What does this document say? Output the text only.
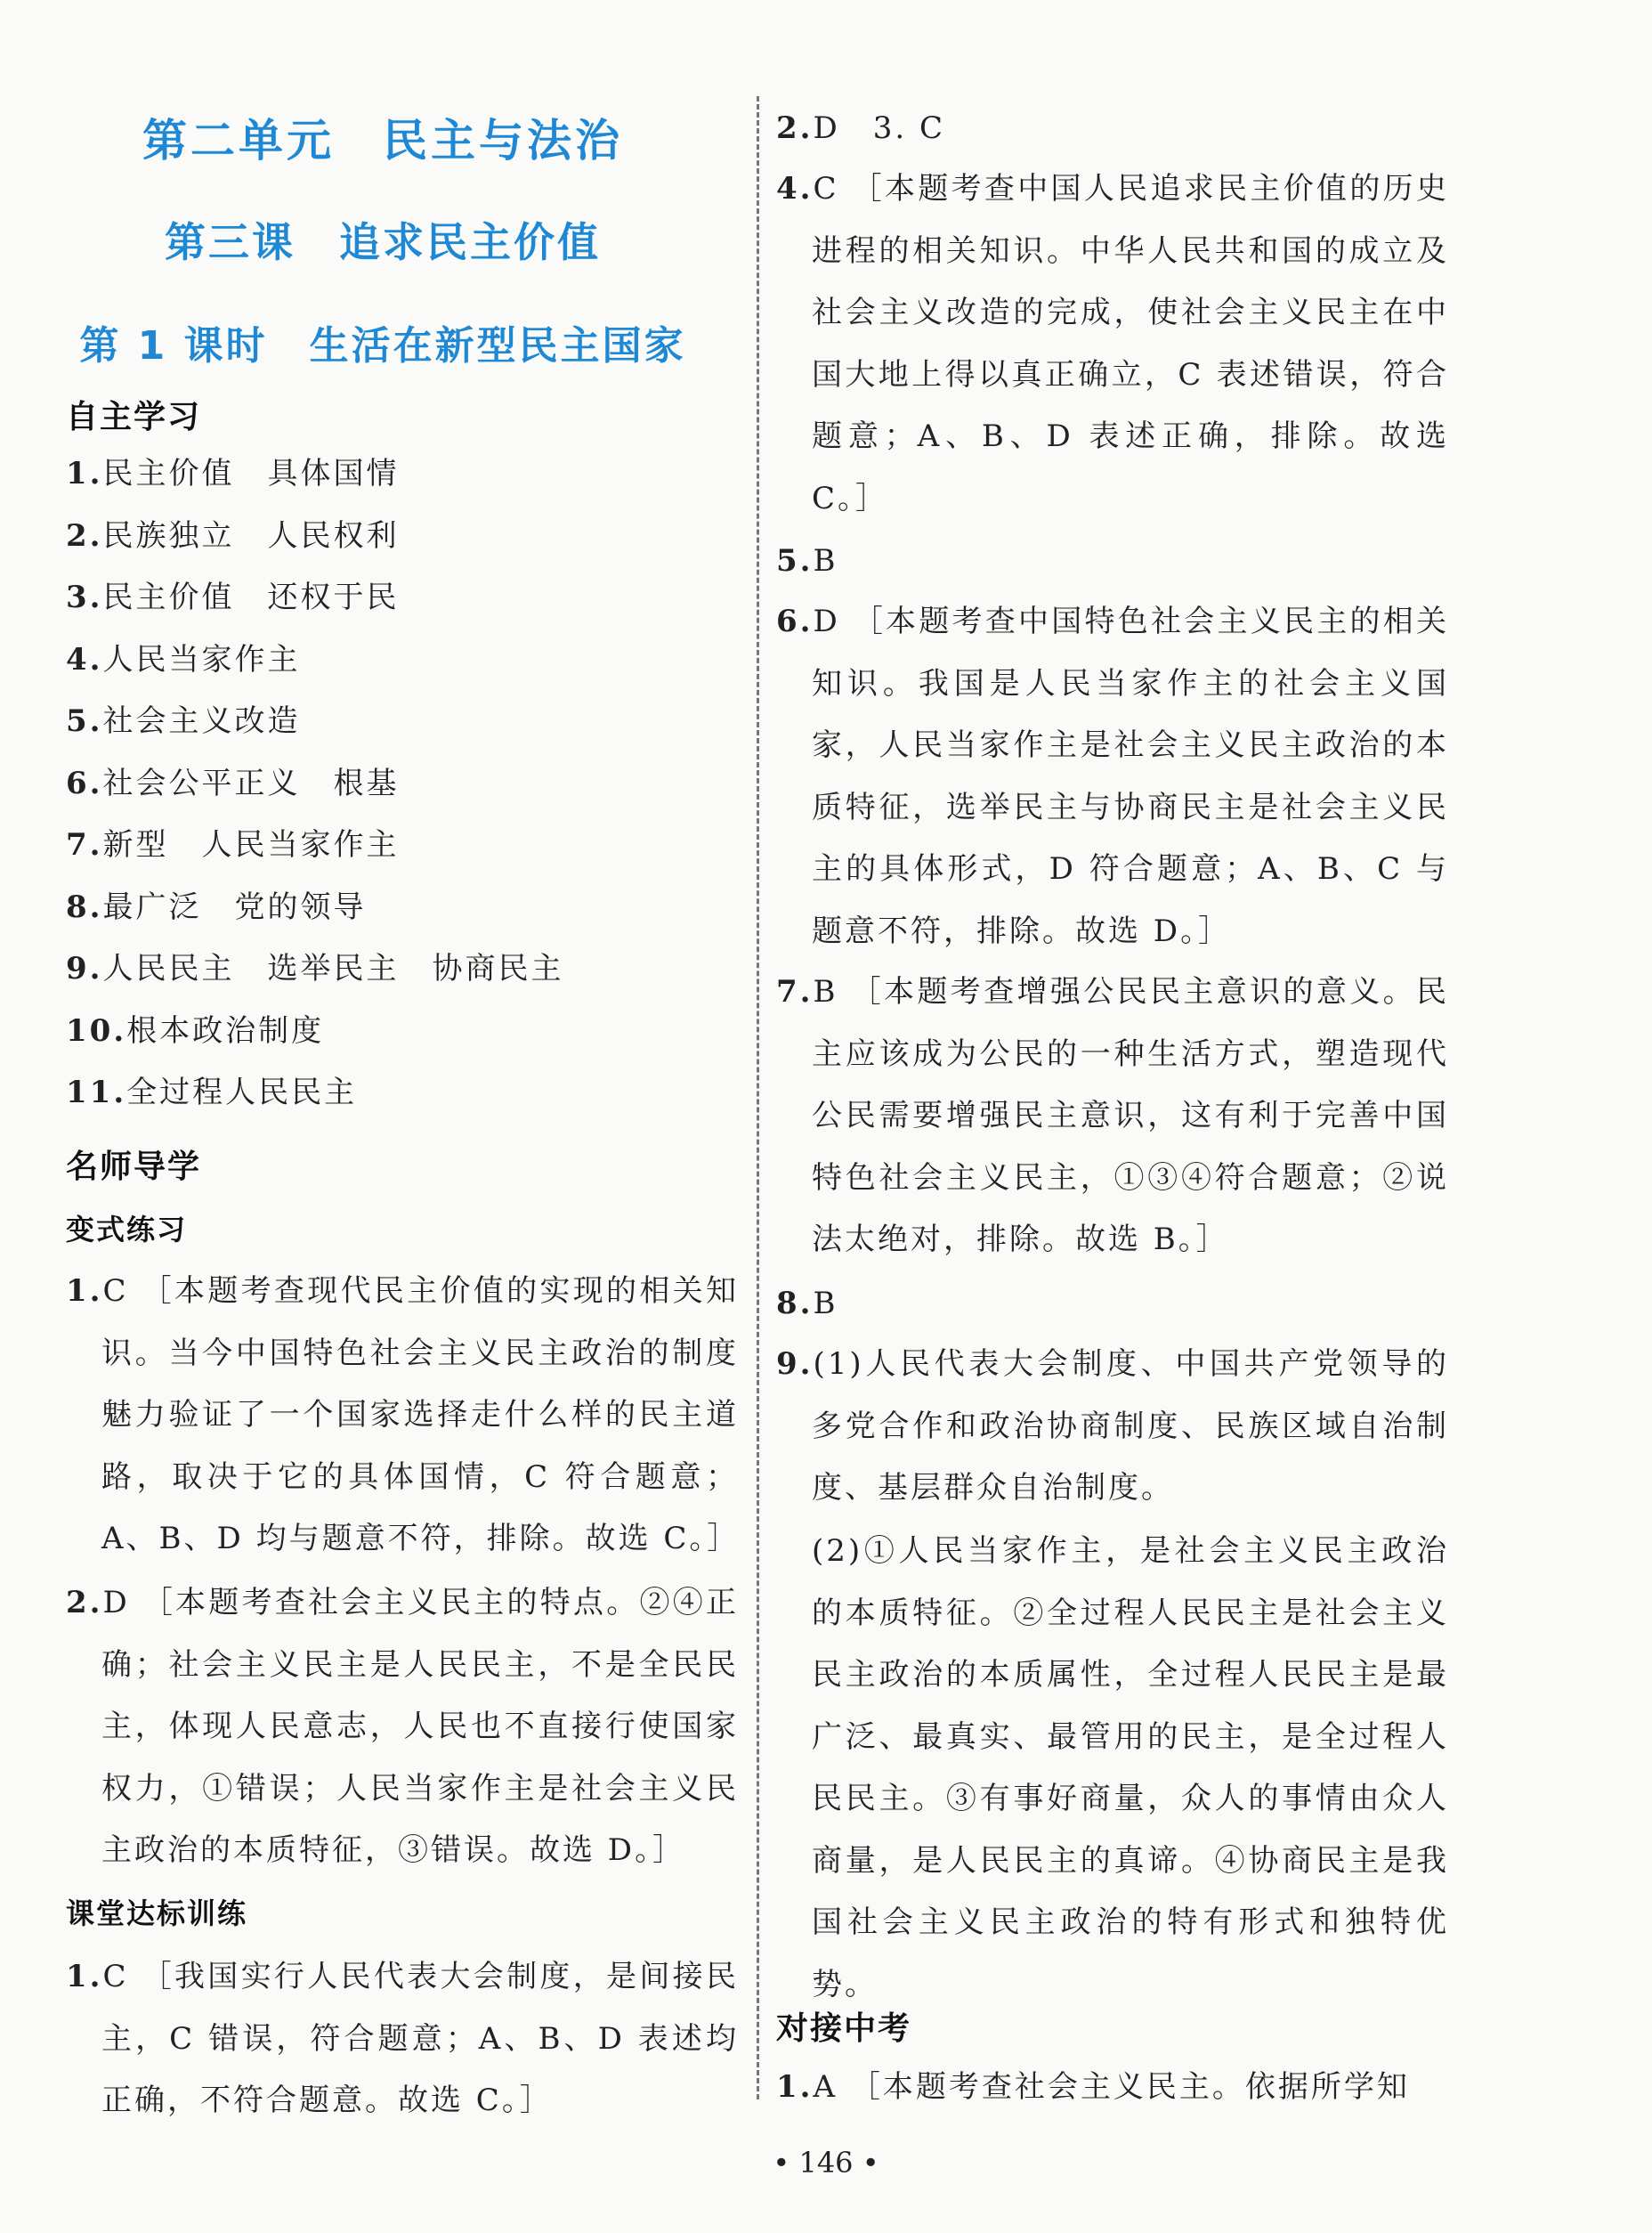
第二单元　民主与法治
第三课　追求民主价值
第 1 课时　生活在新型民主国家
自主学习
1.民主价值　具体国情
2.民族独立　人民权利
3.民主价值　还权于民
4.人民当家作主
5.社会主义改造
6.社会公平正义　根基
7.新型　人民当家作主
8.最广泛　党的领导
9.人民民主　选举民主　协商民主
10.根本政治制度
11.全过程人民民主
名师导学
变式练习
1.C ［本题考查现代民主价值的实现的相关知识。当今中国特色社会主义民主政治的制度魅力验证了一个国家选择走什么样的民主道路，取决于它的具体国情，C 符合题意；A、B、D 均与题意不符，排除。故选 C。］
2.D ［本题考查社会主义民主的特点。②④正确；社会主义民主是人民民主，不是全民民主，体现人民意志，人民也不直接行使国家权力，①错误；人民当家作主是社会主义民主政治的本质特征，③错误。故选 D。］
课堂达标训练
1.C ［我国实行人民代表大会制度，是间接民主，C 错误，符合题意；A、B、D 表述均正确，不符合题意。故选 C。］
2.D　3. C
4.C ［本题考查中国人民追求民主价值的历史进程的相关知识。中华人民共和国的成立及社会主义改造的完成，使社会主义民主在中国大地上得以真正确立，C 表述错误，符合题意；A、B、D 表述正确，排除。故选 C。］
5.B
6.D ［本题考查中国特色社会主义民主的相关知识。我国是人民当家作主的社会主义国家，人民当家作主是社会主义民主政治的本质特征，选举民主与协商民主是社会主义民主的具体形式，D 符合题意；A、B、C 与题意不符，排除。故选 D。］
7.B ［本题考查增强公民民主意识的意义。民主应该成为公民的一种生活方式，塑造现代公民需要增强民主意识，这有利于完善中国特色社会主义民主，①③④符合题意；②说法太绝对，排除。故选 B。］
8.B
9.(1)人民代表大会制度、中国共产党领导的多党合作和政治协商制度、民族区域自治制度、基层群众自治制度。
(2)①人民当家作主，是社会主义民主政治的本质特征。②全过程人民民主是社会主义民主政治的本质属性，全过程人民民主是最广泛、最真实、最管用的民主，是全过程人民民主。③有事好商量，众人的事情由众人商量，是人民民主的真谛。④协商民主是我国社会主义民主政治的特有形式和独特优势。
对接中考
1.A ［本题考查社会主义民主。依据所学知
• 146 •
